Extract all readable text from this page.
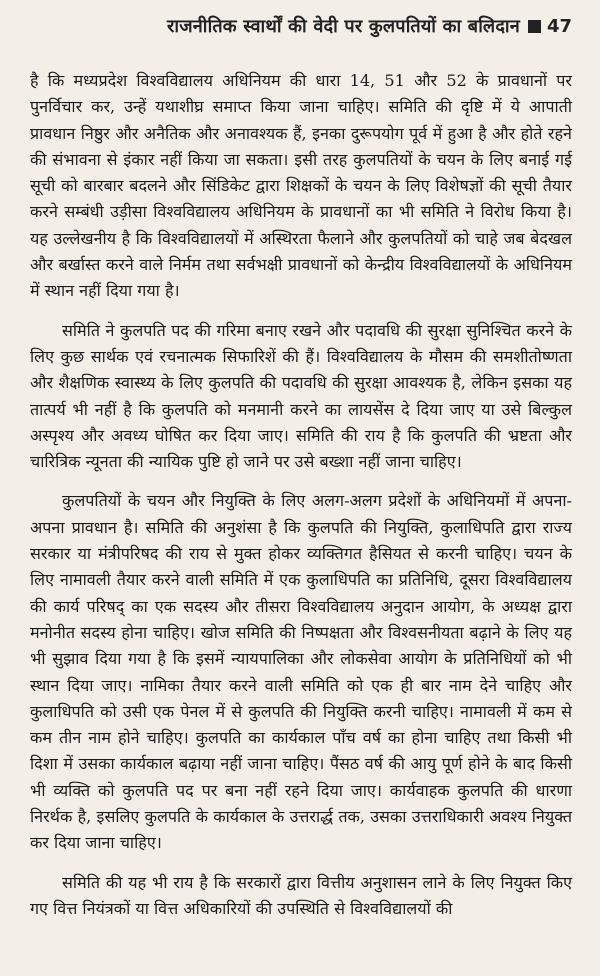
राजनीतिक स्वार्थों की वेदी पर कुलपतियों का बलिदान 47

है कि मध्यप्रदेश विश्वविद्यालय अधिनियम की धारा 14, 51 और 52 के प्रावधानों पर पुनर्विचार कर, उन्हें यथाशीघ्र समाप्त किया जाना चाहिए। समिति की दृष्टि में ये आपाती प्रावधान निष्ठुर और अनैतिक और अनावश्यक हैं, इनका दुरूपयोग पूर्व में हुआ है और होते रहने की संभावना से इंकार नहीं किया जा सकता। इसी तरह कुलपतियों के चयन के लिए बनाई गई सूची को बारबार बदलने और सिंडिकेट द्वारा शिक्षकों के चयन के लिए विशेषज्ञों की सूची तैयार करने सम्बंधी उड़ीसा विश्वविद्यालय अधिनियम के प्रावधानों का भी समिति ने विरोध किया है। यह उल्लेखनीय है कि विश्वविद्यालयों में अस्थिरता फैलाने और कुलपतियों को चाहे जब बेदखल और बर्खास्त करने वाले निर्मम तथा सर्वभक्षी प्रावधानों को केन्द्रीय विश्वविद्यालयों के अधिनियम में स्थान नहीं दिया गया है।

समिति ने कुलपति पद की गरिमा बनाए रखने और पदावधि की सुरक्षा सुनिश्चित करने के लिए कुछ सार्थक एवं रचनात्मक सिफारिशें की हैं। विश्वविद्यालय के मौसम की समशीतोष्णता और शैक्षणिक स्वास्थ्य के लिए कुलपति की पदावधि की सुरक्षा आवश्यक है, लेकिन इसका यह तात्पर्य भी नहीं है कि कुलपति को मनमानी करने का लायसेंस दे दिया जाए या उसे बिल्कुल अस्पृश्य और अवध्य घोषित कर दिया जाए। समिति की राय है कि कुलपति की भ्रष्टता और चारित्रिक न्यूनता की न्यायिक पुष्टि हो जाने पर उसे बख्शा नहीं जाना चाहिए।

कुलपतियों के चयन और नियुक्ति के लिए अलग-अलग प्रदेशों के अधिनियमों में अपना-अपना प्रावधान है। समिति की अनुशंसा है कि कुलपति की नियुक्ति, कुलाधिपति द्वारा राज्य सरकार या मंत्रीपरिषद की राय से मुक्त होकर व्यक्तिगत हैसियत से करनी चाहिए। चयन के लिए नामावली तैयार करने वाली समिति में एक कुलाधिपति का प्रतिनिधि, दूसरा विश्वविद्यालय की कार्य परिषद् का एक सदस्य और तीसरा विश्वविद्यालय अनुदान आयोग, के अध्यक्ष द्वारा मनोनीत सदस्य होना चाहिए। खोज समिति की निष्पक्षता और विश्वसनीयता बढ़ाने के लिए यह भी सुझाव दिया गया है कि इसमें न्यायपालिका और लोकसेवा आयोग के प्रतिनिधियों को भी स्थान दिया जाए। नामिका तैयार करने वाली समिति को एक ही बार नाम देने चाहिए और कुलाधिपति को उसी एक पेनल में से कुलपति की नियुक्ति करनी चाहिए। नामावली में कम से कम तीन नाम होने चाहिए। कुलपति का कार्यकाल पाँच वर्ष का होना चाहिए तथा किसी भी दिशा में उसका कार्यकाल बढ़ाया नहीं जाना चाहिए। पैंसठ वर्ष की आयु पूर्ण होने के बाद किसी भी व्यक्ति को कुलपति पद पर बना नहीं रहने दिया जाए। कार्यवाहक कुलपति की धारणा निरर्थक है, इसलिए कुलपति के कार्यकाल के उत्तरार्द्ध तक, उसका उत्तराधिकारी अवश्य नियुक्त कर दिया जाना चाहिए।

समिति की यह भी राय है कि सरकारों द्वारा वित्तीय अनुशासन लाने के लिए नियुक्त किए गए वित्त नियंत्रकों या वित्त अधिकारियों की उपस्थिति से विश्वविद्यालयों की
